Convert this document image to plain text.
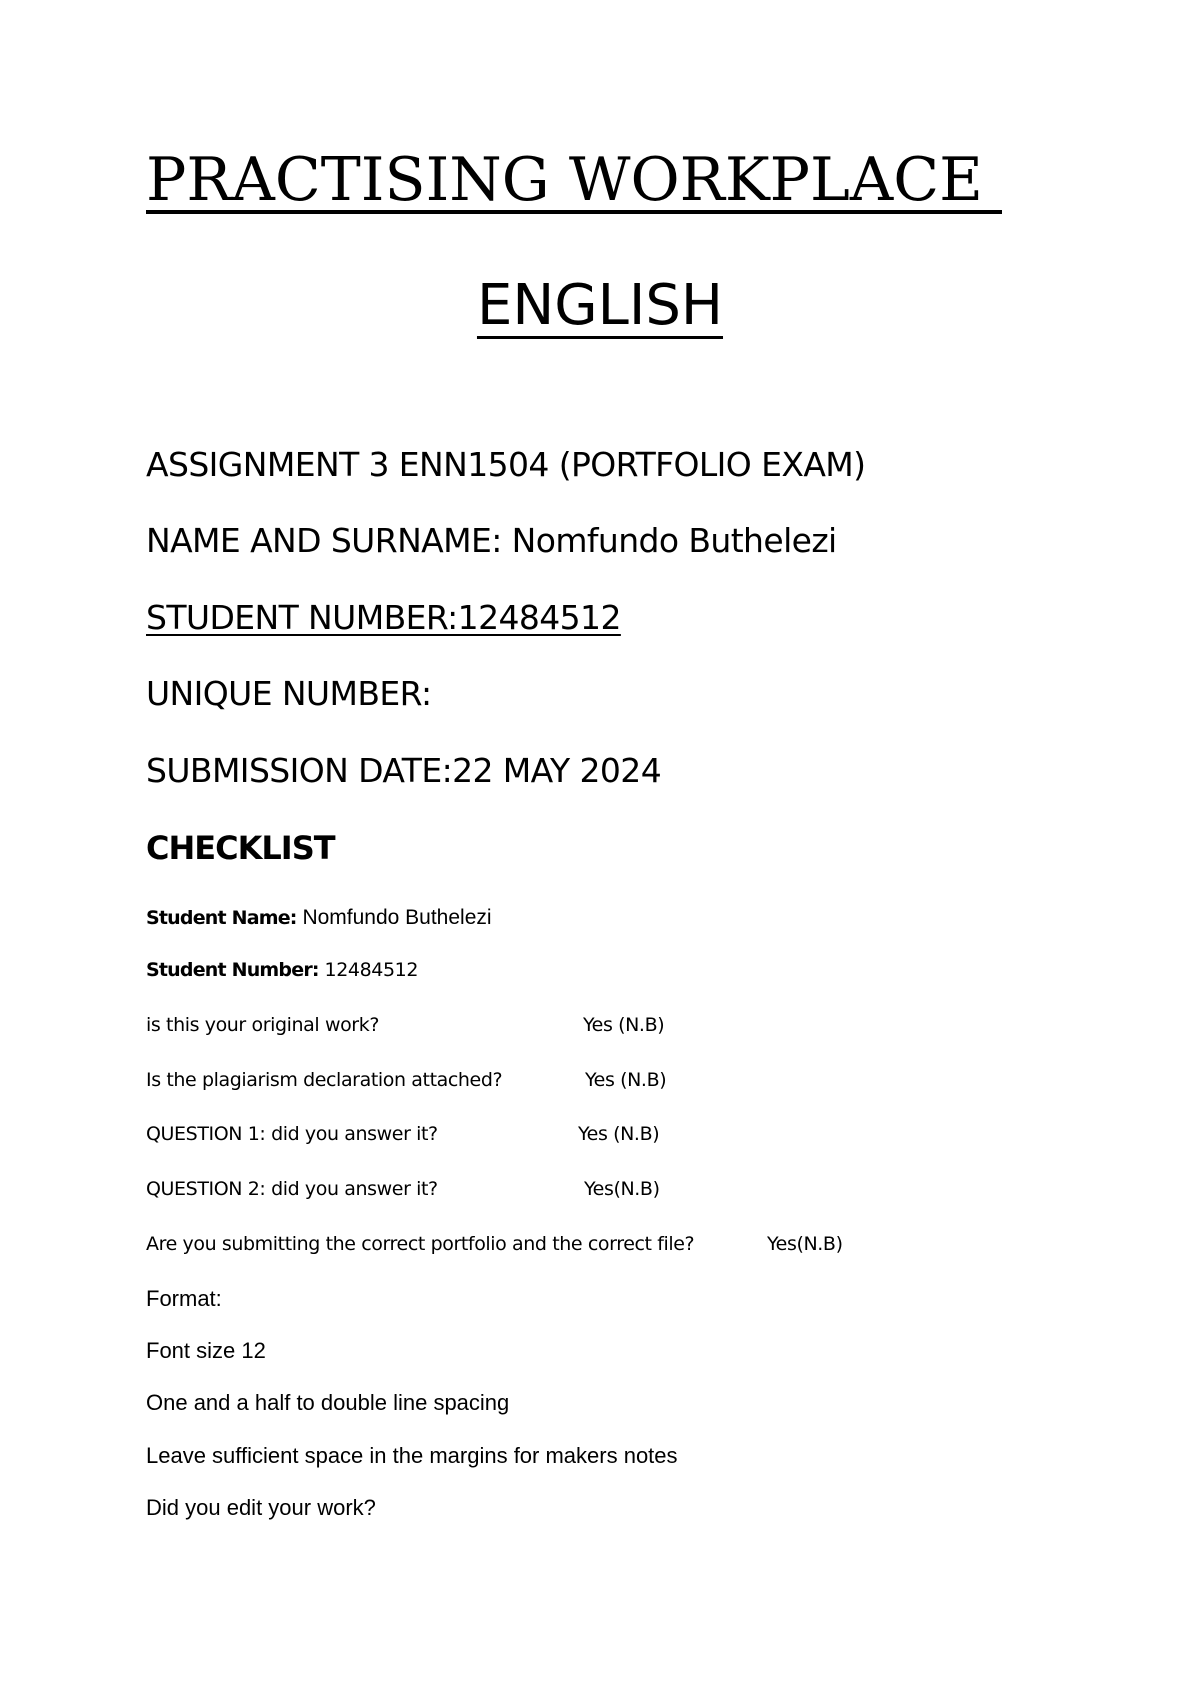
PRACTISING WORKPLACE
ENGLISH
ASSIGNMENT 3 ENN1504 (PORTFOLIO EXAM)
NAME AND SURNAME: Nomfundo Buthelezi
STUDENT NUMBER:12484512
UNIQUE NUMBER:
SUBMISSION DATE:22 MAY 2024
CHECKLIST
Student Name: Nomfundo Buthelezi
Student Number: 12484512
is this your original work?	Yes (N.B)
Is the plagiarism declaration attached?	Yes (N.B)
QUESTION 1: did you answer it?	Yes (N.B)
QUESTION 2: did you answer it?	Yes(N.B)
Are you submitting the correct portfolio and the correct file?	Yes(N.B)
Format:
Font size 12
One and a half to double line spacing
Leave sufficient space in the margins for makers notes
Did you edit your work?
